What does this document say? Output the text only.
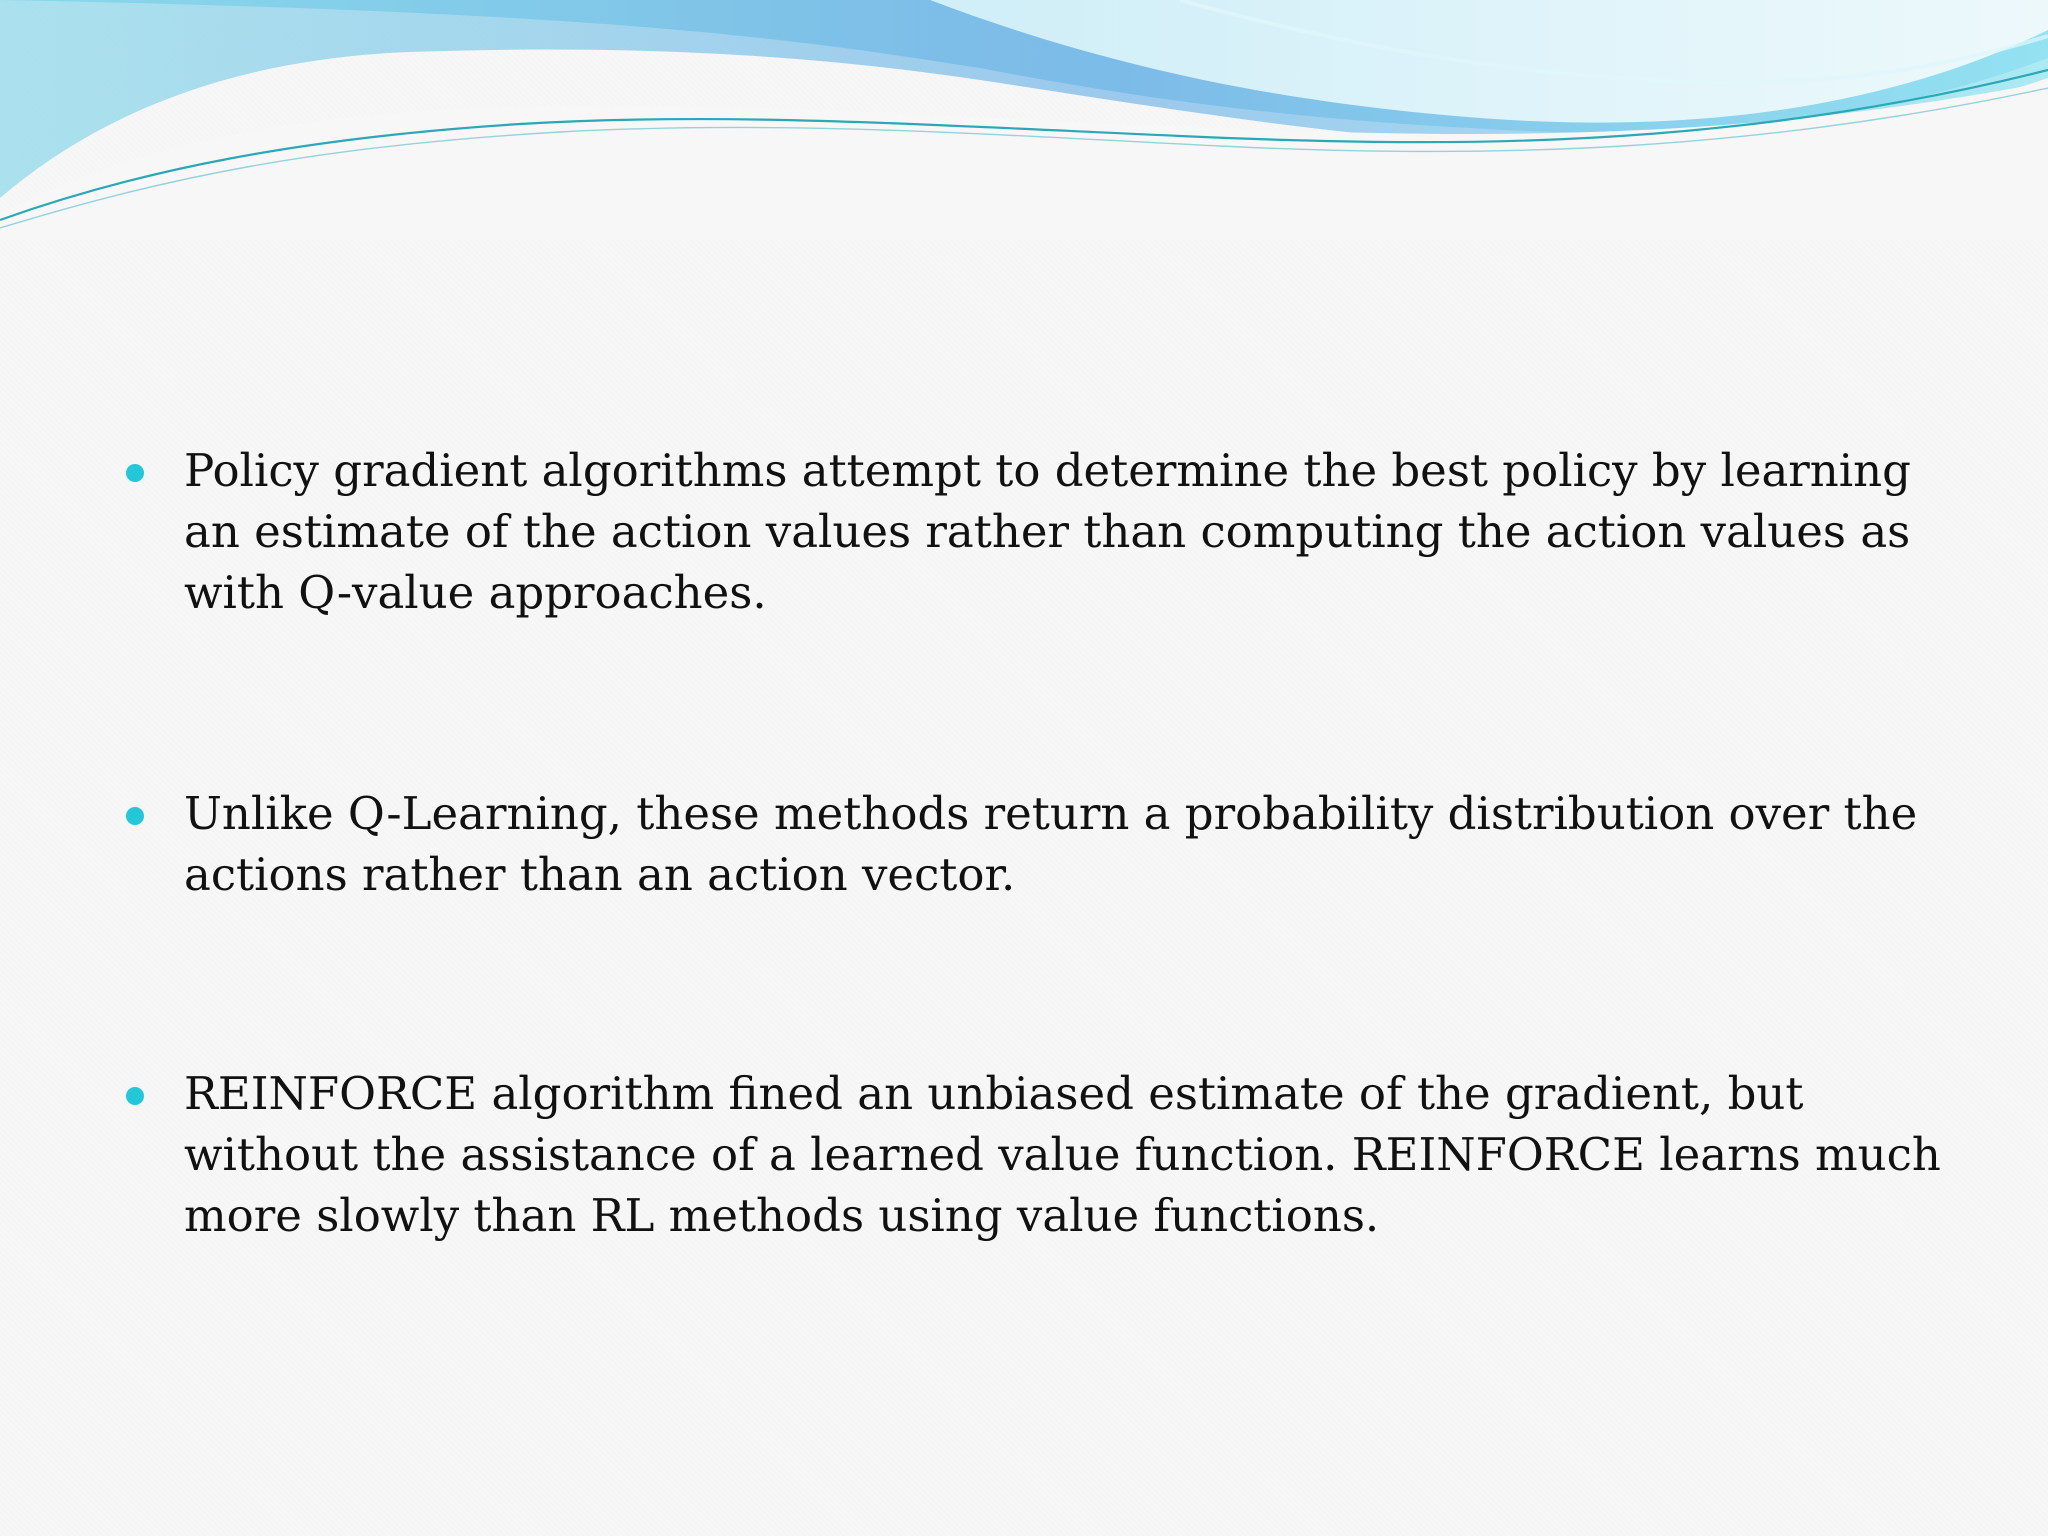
Policy gradient algorithms attempt to determine the best policy by learning an estimate of the action values rather than computing the action values as with Q-value approaches.
Unlike Q-Learning, these methods return a probability distribution over the actions rather than an action vector.
REINFORCE algorithm fined an unbiased estimate of the gradient, but without the assistance of a learned value function. REINFORCE learns much more slowly than RL methods using value functions.
